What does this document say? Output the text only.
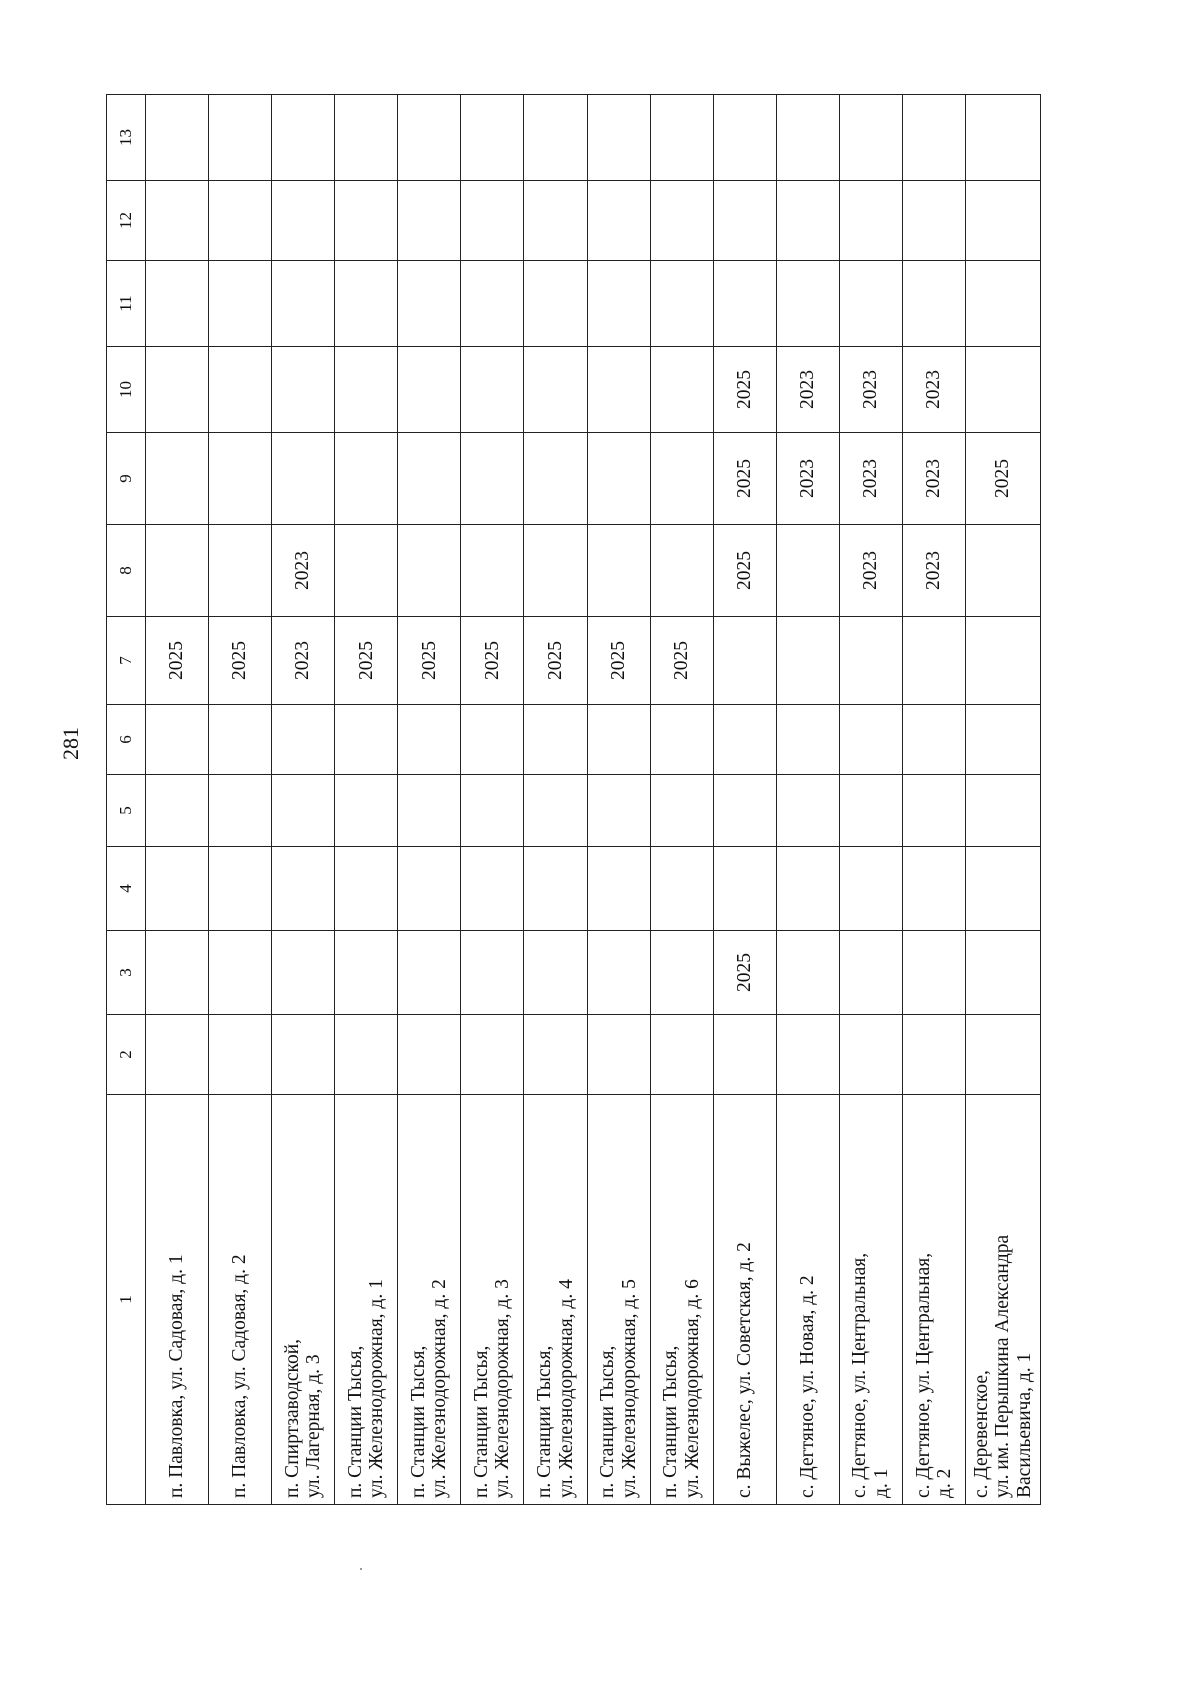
281
1	2	3	4	5	6	7	8	9	10	11	12	13
п. Павловка, ул. Садовая, д. 1						2025						
п. Павловка, ул. Садовая, д. 2						2025						
п. Спиртзаводской,
ул. Лагерная, д. 3						2023	2023					
п. Станции Тысья,
ул. Железнодорожная, д. 1						2025						
п. Станции Тысья,
ул. Железнодорожная, д. 2						2025						
п. Станции Тысья,
ул. Железнодорожная, д. 3						2025						
п. Станции Тысья,
ул. Железнодорожная, д. 4						2025						
п. Станции Тысья,
ул. Железнодорожная, д. 5						2025						
п. Станции Тысья,
ул. Железнодорожная, д. 6						2025						
с. Выжелес, ул. Советская, д. 2		2025					2025	2025	2025			
с. Дегтяное, ул. Новая, д. 2								2023	2023			
с. Дегтяное, ул. Центральная,
д. 1							2023	2023	2023			
с. Дегтяное, ул. Центральная,
д. 2							2023	2023	2023			
с. Деревенское,
ул. им. Перышкина Александра
Васильевича, д. 1								2025				
